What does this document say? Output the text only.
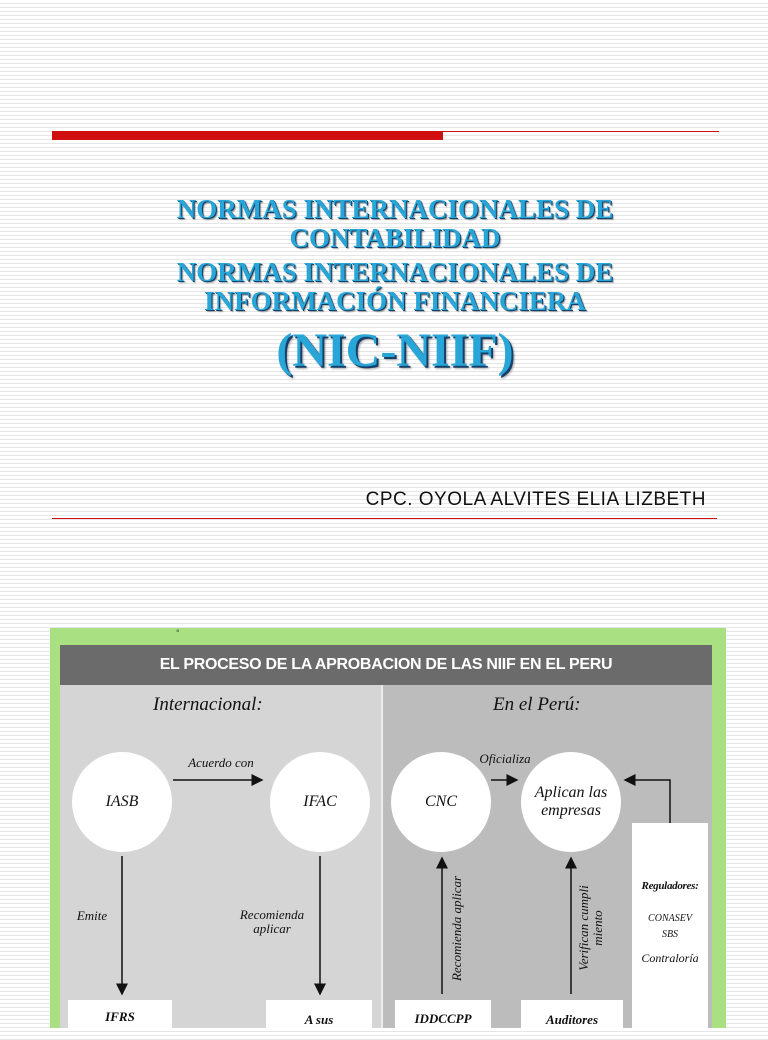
NORMAS INTERNACIONALES DE
CONTABILIDAD
NORMAS INTERNACIONALES DE
INFORMACIÓN FINANCIERA
(NIC-NIIF)
CPC. OYOLA ALVITES ELIA LIZBETH
°
EL PROCESO DE LA APROBACION DE LAS NIIF EN EL PERU
Internacional:	En el Perú:
IASB	IFAC	CNC
Aplican las
empresas
Acuerdo con	Oficializa
Emite	Recomienda
aplicar	Recomienda aplicar	Verifican cumpli
miento
Reguladores:
CONASEV
SBS
Contraloría
IFRS	A sus	IDDCCPP	Auditores
